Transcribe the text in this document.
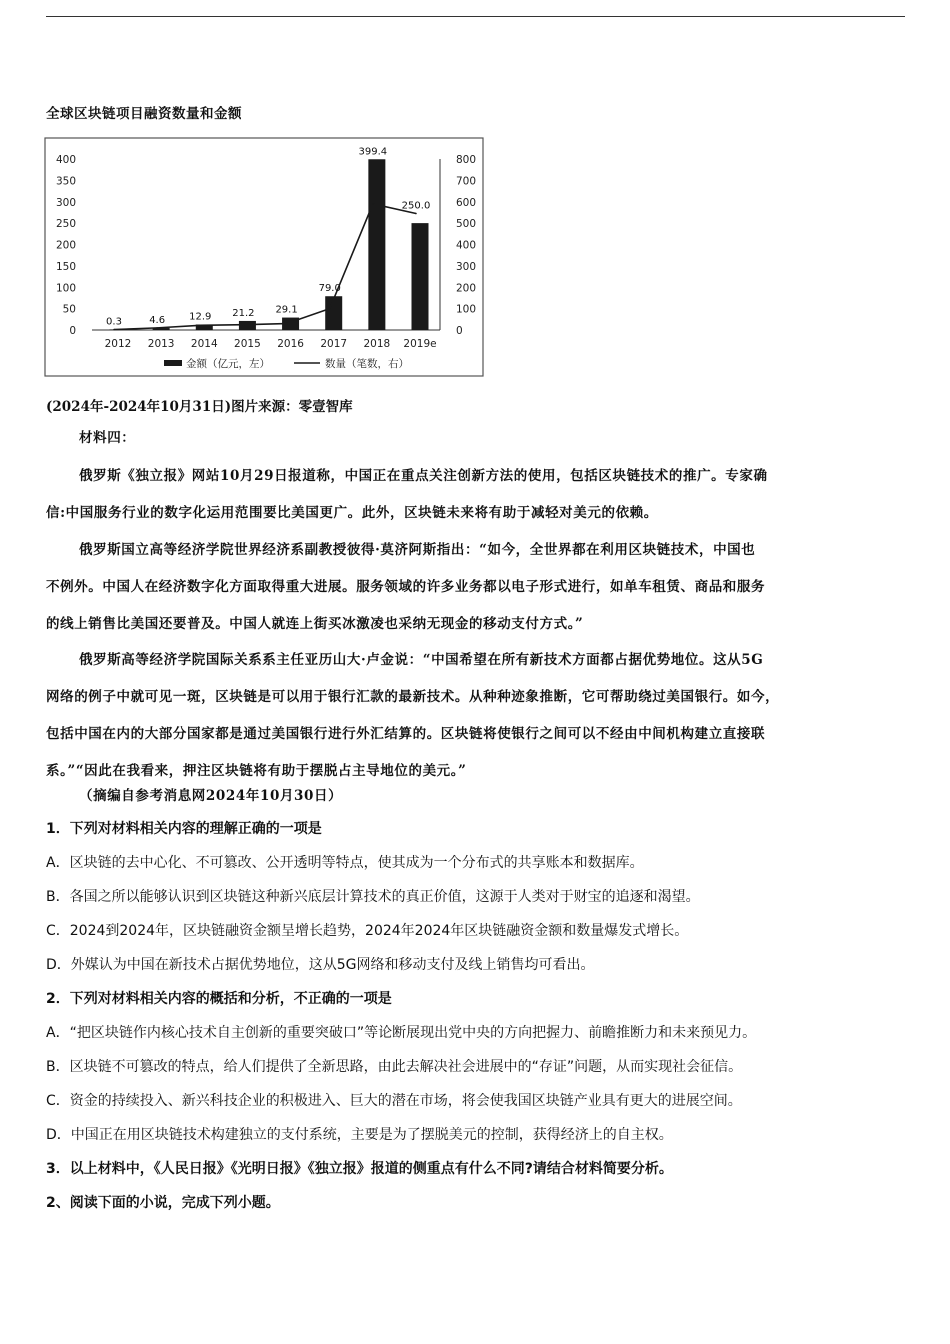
全球区块链项目融资数量和金额
0
50
100
150
200
250
300
350
400
0
100
200
300
400
500
600
700
800
0.3	4.6 12.9 21.2 29.1
79.0
399.4
250.0
2012 2013 2014 2015 2016 2017 2018 2019e
金额（亿元，左）	数量（笔数，右）
(2024年-2024年10月31日)图片来源：零壹智库
材料四：
俄罗斯《独立报》网站10月29日报道称，中国正在重点关注创新方法的使用，包括区块链技术的推广。专家确
信:中国服务行业的数字化运用范围要比美国更广。此外，区块链未来将有助于减轻对美元的依赖。
俄罗斯国立高等经济学院世界经济系副教授彼得·莫济阿斯指出：“如今，全世界都在利用区块链技术，中国也
不例外。中国人在经济数字化方面取得重大进展。服务领域的许多业务都以电子形式进行，如单车租赁、商品和服务
的线上销售比美国还要普及。中国人就连上街买冰激凌也采纳无现金的移动支付方式。”
俄罗斯高等经济学院国际关系系主任亚历山大·卢金说：“中国希望在所有新技术方面都占据优势地位。这从5G
网络的例子中就可见一斑，区块链是可以用于银行汇款的最新技术。从种种迹象推断，它可帮助绕过美国银行。如今，
包括中国在内的大部分国家都是通过美国银行进行外汇结算的。区块链将使银行之间可以不经由中间机构建立直接联
系。”“因此在我看来，押注区块链将有助于摆脱占主导地位的美元。”
（摘编自参考消息网2024年10月30日）
1．下列对材料相关内容的理解正确的一项是
A．区块链的去中心化、不可篡改、公开透明等特点，使其成为一个分布式的共享账本和数据库。
B．各国之所以能够认识到区块链这种新兴底层计算技术的真正价值，这源于人类对于财宝的追逐和渴望。
C．2024到2024年，区块链融资金额呈增长趋势，2024年2024年区块链融资金额和数量爆发式增长。
D．外媒认为中国在新技术占据优势地位，这从5G网络和移动支付及线上销售均可看出。
2．下列对材料相关内容的概括和分析，不正确的一项是
A．“把区块链作内核心技术自主创新的重要突破口”等论断展现出党中央的方向把握力、前瞻推断力和未来预见力。
B．区块链不可篡改的特点，给人们提供了全新思路，由此去解决社会进展中的“存证”问题，从而实现社会征信。
C．资金的持续投入、新兴科技企业的积极进入、巨大的潜在市场，将会使我国区块链产业具有更大的进展空间。
D．中国正在用区块链技术构建独立的支付系统，主要是为了摆脱美元的控制，获得经济上的自主权。
3．以上材料中，《人民日报》《光明日报》《独立报》报道的侧重点有什么不同?请结合材料简要分析。
2、阅读下面的小说，完成下列小题。
